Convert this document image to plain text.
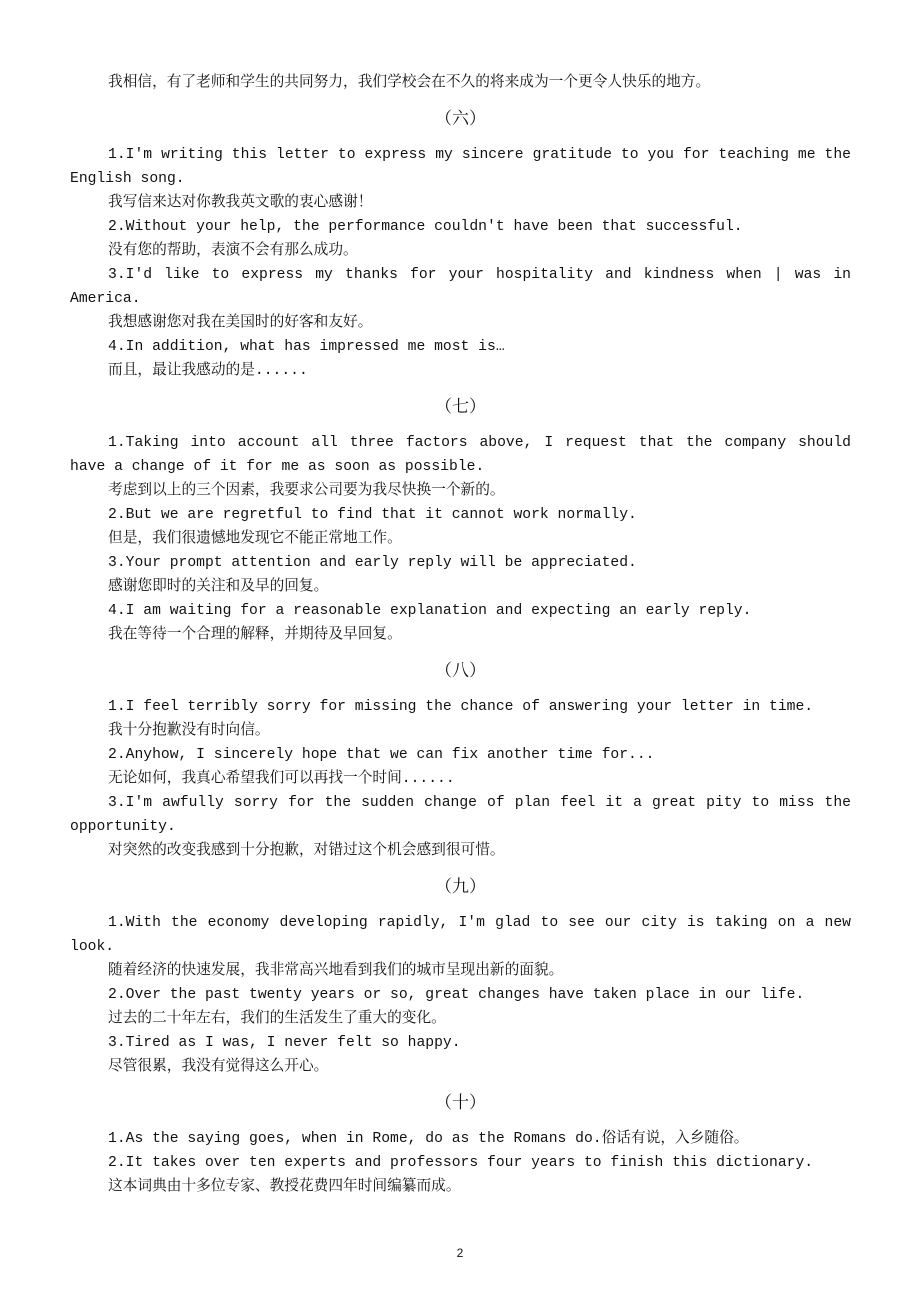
我相信，有了老师和学生的共同努力，我们学校会在不久的将来成为一个更令人快乐的地方。

（六）

1.I'm writing this letter to express my sincere gratitude to you for teaching me the English song.

我写信来达对你教我英文歌的衷心感谢！

2.Without your help, the performance couldn't have been that successful.

没有您的帮助，表演不会有那么成功。

3.I'd like to express my thanks for your hospitality and kindness when | was in America.

我想感谢您对我在美国时的好客和友好。

4.In addition, what has impressed me most is…

而且，最让我感动的是......

（七）

1.Taking into account all three factors above, I request that the company should have a change of it for me as soon as possible.

考虑到以上的三个因素，我要求公司要为我尽快换一个新的。

2.But we are regretful to find that it cannot work normally.

但是，我们很遗憾地发现它不能正常地工作。

3.Your prompt attention and early reply will be appreciated.

感谢您即时的关注和及早的回复。

4.I am waiting for a reasonable explanation and expecting an early reply.

我在等待一个合理的解释，并期待及早回复。

（八）

1.I feel terribly sorry for missing the chance of answering your letter in time.

我十分抱歉没有时向信。

2.Anyhow, I sincerely hope that we can fix another time for...

无论如何，我真心希望我们可以再找一个时间......

3.I'm awfully sorry for the sudden change of plan feel it a great pity to miss the opportunity.

对突然的改变我感到十分抱歉，对错过这个机会感到很可惜。

（九）

1.With the economy developing rapidly, I'm glad to see our city is taking on a new look.

随着经济的快速发展，我非常高兴地看到我们的城市呈现出新的面貌。

2.Over the past twenty years or so, great changes have taken place in our life.

过去的二十年左右，我们的生活发生了重大的变化。

3.Tired as I was, I never felt so happy.

尽管很累，我没有觉得这么开心。

（十）

1.As the saying goes, when in Rome, do as the Romans do.俗话有说，入乡随俗。

2.It takes over ten experts and professors four years to finish this dictionary.

这本词典由十多位专家、教授花费四年时间编纂而成。

2
